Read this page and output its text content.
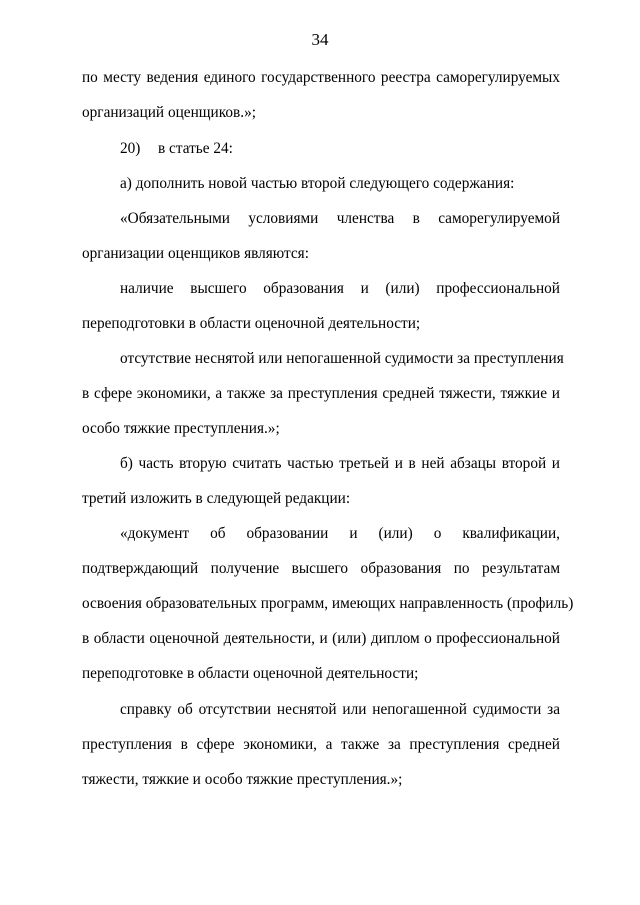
34
по месту ведения единого государственного реестра саморегулируемых
организаций оценщиков.»;
20) в статье 24:
а) дополнить новой частью второй следующего содержания:
«Обязательными условиями членства в саморегулируемой
организации оценщиков являются:
наличие высшего образования и (или) профессиональной
переподготовки в области оценочной деятельности;
отсутствие неснятой или непогашенной судимости за преступления
в сфере экономики, а также за преступления средней тяжести, тяжкие и
особо тяжкие преступления.»;
б) часть вторую считать частью третьей и в ней абзацы второй и
третий изложить в следующей редакции:
«документ об образовании и (или) о квалификации,
подтверждающий получение высшего образования по результатам
освоения образовательных программ, имеющих направленность (профиль)
в области оценочной деятельности, и (или) диплом о профессиональной
переподготовке в области оценочной деятельности;
справку об отсутствии неснятой или непогашенной судимости за
преступления в сфере экономики, а также за преступления средней
тяжести, тяжкие и особо тяжкие преступления.»;
